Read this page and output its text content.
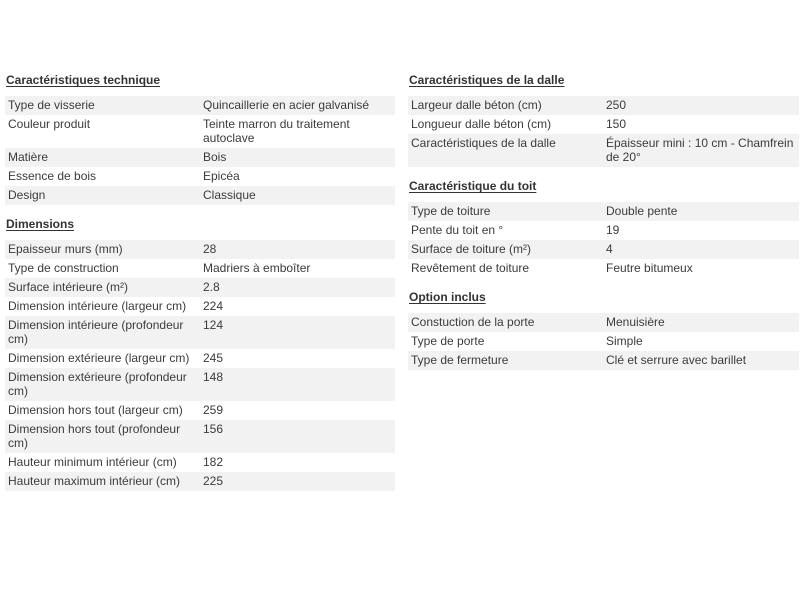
Caractéristiques technique
Type de visserie	Quincaillerie en acier galvanisé
Couleur produit	Teinte marron du traitement autoclave
Matière	Bois
Essence de bois	Epicéa
Design	Classique
Dimensions
Epaisseur murs (mm)	28
Type de construction	Madriers à emboîter
Surface intérieure (m²)	2.8
Dimension intérieure (largeur cm)	224
Dimension intérieure (profondeur cm)	124
Dimension extérieure (largeur cm)	245
Dimension extérieure (profondeur cm)	148
Dimension hors tout (largeur cm)	259
Dimension hors tout (profondeur cm)	156
Hauteur minimum intérieur (cm)	182
Hauteur maximum intérieur (cm)	225
Caractéristiques de la dalle
Largeur dalle béton (cm)	250
Longueur dalle béton (cm)	150
Caractéristiques de la dalle	Épaisseur mini : 10 cm - Chamfrein de 20°
Caractéristique du toit
Type de toiture	Double pente
Pente du toit en °	19
Surface de toiture (m²)	4
Revêtement de toiture	Feutre bitumeux
Option inclus
Constuction de la porte	Menuisière
Type de porte	Simple
Type de fermeture	Clé et serrure avec barillet
